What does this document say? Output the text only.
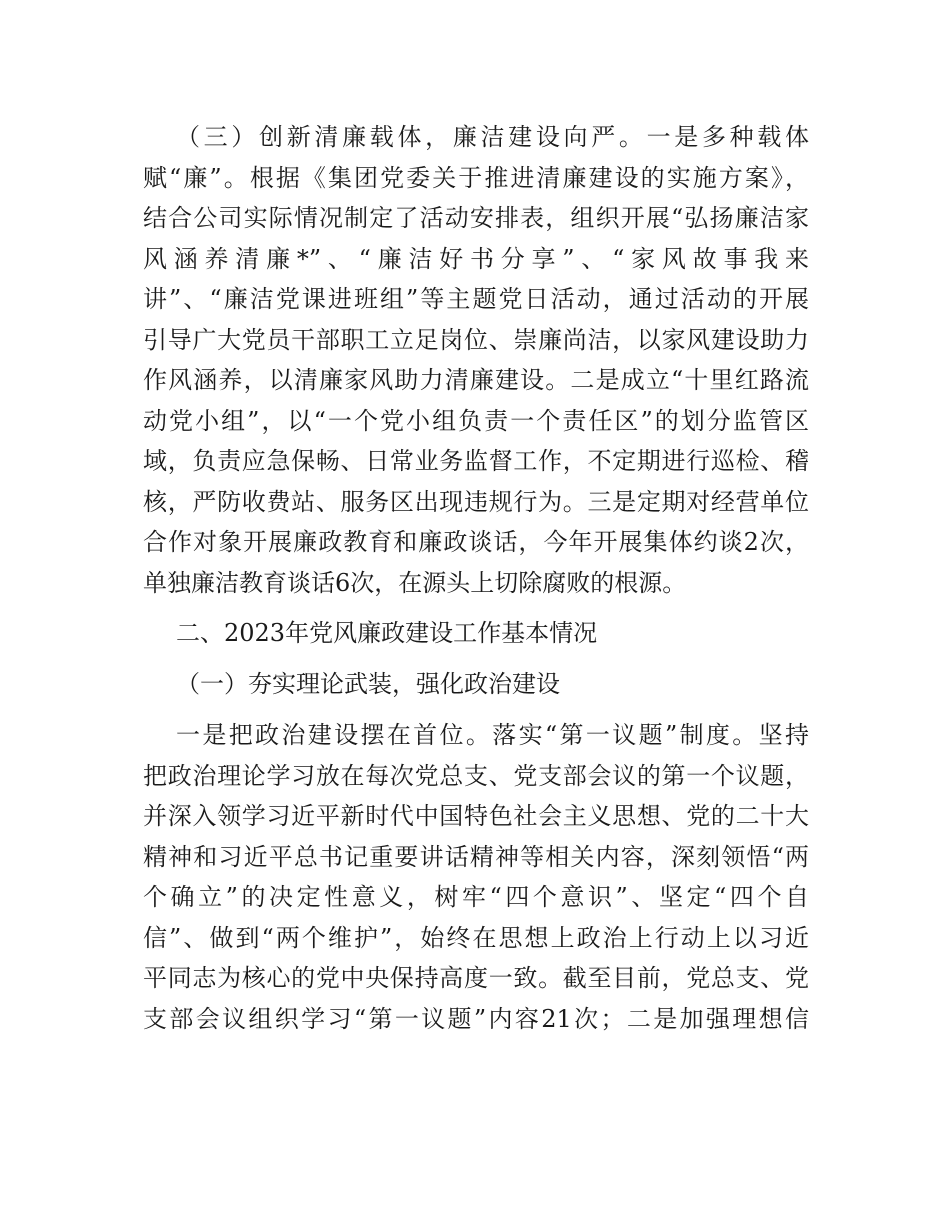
（三）创新清廉载体，廉洁建设向严。一是多种载体
赋“廉”。根据《集团党委关于推进清廉建设的实施方案》，
结合公司实际情况制定了活动安排表，组织开展“弘扬廉洁家
风涵养清廉*”、“廉洁好书分享”、“家风故事我来
讲”、“廉洁党课进班组”等主题党日活动，通过活动的开展
引导广大党员干部职工立足岗位、崇廉尚洁，以家风建设助力
作风涵养，以清廉家风助力清廉建设。二是成立“十里红路流
动党小组”，以“一个党小组负责一个责任区”的划分监管区
域，负责应急保畅、日常业务监督工作，不定期进行巡检、稽
核，严防收费站、服务区出现违规行为。三是定期对经营单位
合作对象开展廉政教育和廉政谈话，今年开展集体约谈2次，
单独廉洁教育谈话6次，在源头上切除腐败的根源。
二、2023年党风廉政建设工作基本情况
（一）夯实理论武装，强化政治建设
一是把政治建设摆在首位。落实“第一议题”制度。坚持
把政治理论学习放在每次党总支、党支部会议的第一个议题，
并深入领学习近平新时代中国特色社会主义思想、党的二十大
精神和习近平总书记重要讲话精神等相关内容，深刻领悟“两
个确立”的决定性意义，树牢“四个意识”、坚定“四个自
信”、做到“两个维护”，始终在思想上政治上行动上以习近
平同志为核心的党中央保持高度一致。截至目前，党总支、党
支部会议组织学习“第一议题”内容21次；二是加强理想信
